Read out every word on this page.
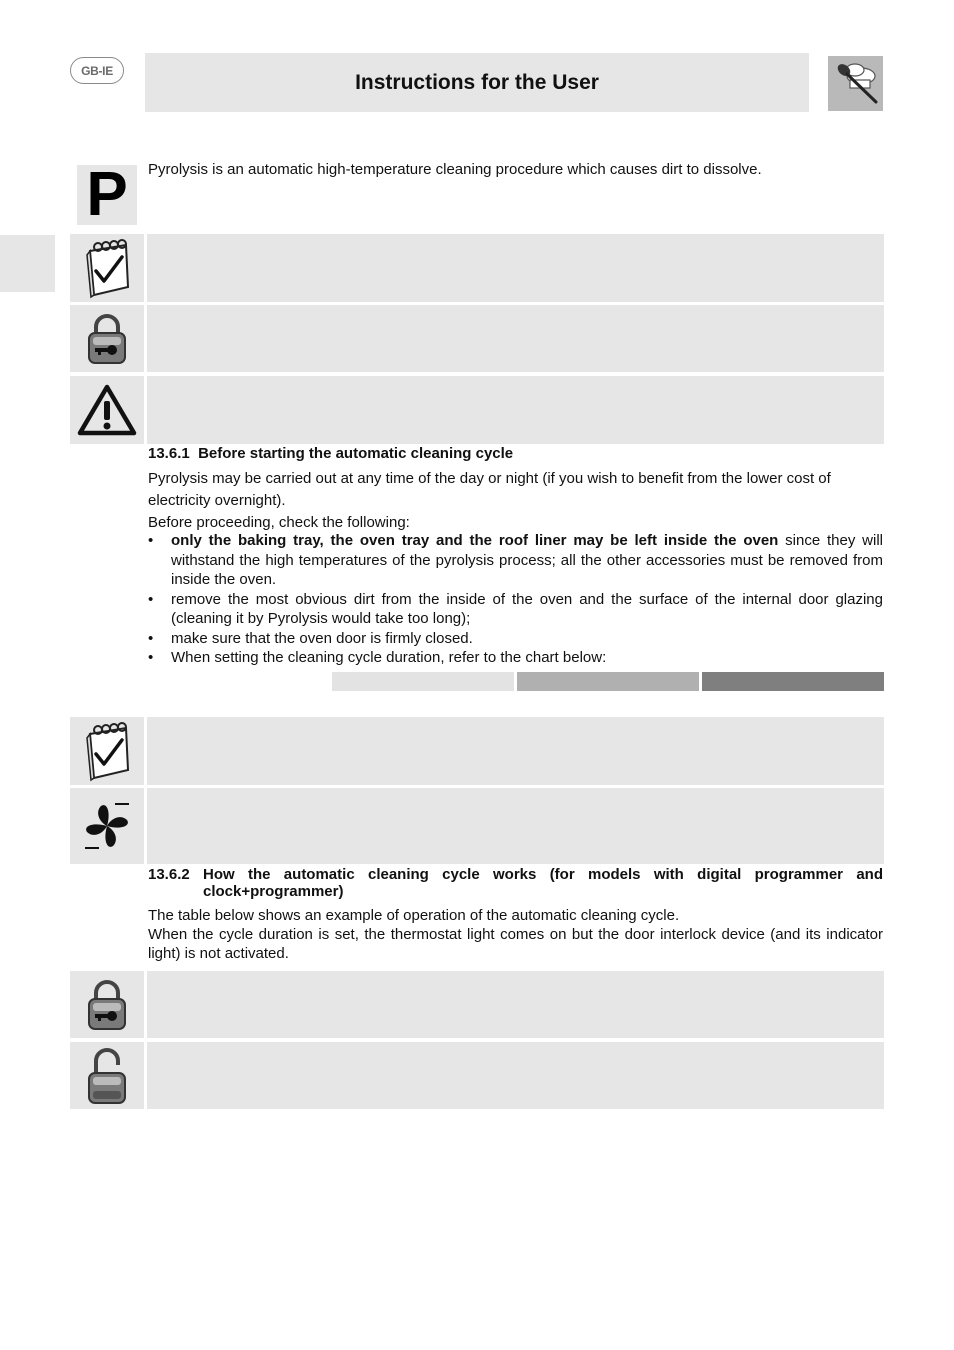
GB-IE	Instructions for the User
P	Pyrolysis is an automatic high-temperature cleaning procedure which causes dirt to dissolve.
13.6.1 Before starting the automatic cleaning cycle
Pyrolysis may be carried out at any time of the day or night (if you wish to benefit from the lower cost of electricity overnight).
Before proceeding, check the following:
• only the baking tray, the oven tray and the roof liner may be left inside the oven since they will withstand the high temperatures of the pyrolysis process; all the other accessories must be removed from inside the oven.
• remove the most obvious dirt from the inside of the oven and the surface of the internal door glazing (cleaning it by Pyrolysis would take too long);
• make sure that the oven door is firmly closed.
• When setting the cleaning cycle duration, refer to the chart below:
13.6.2 How the automatic cleaning cycle works (for models with digital programmer and clock+programmer)
The table below shows an example of operation of the automatic cleaning cycle.
When the cycle duration is set, the thermostat light comes on but the door interlock device (and its indicator light) is not activated.
